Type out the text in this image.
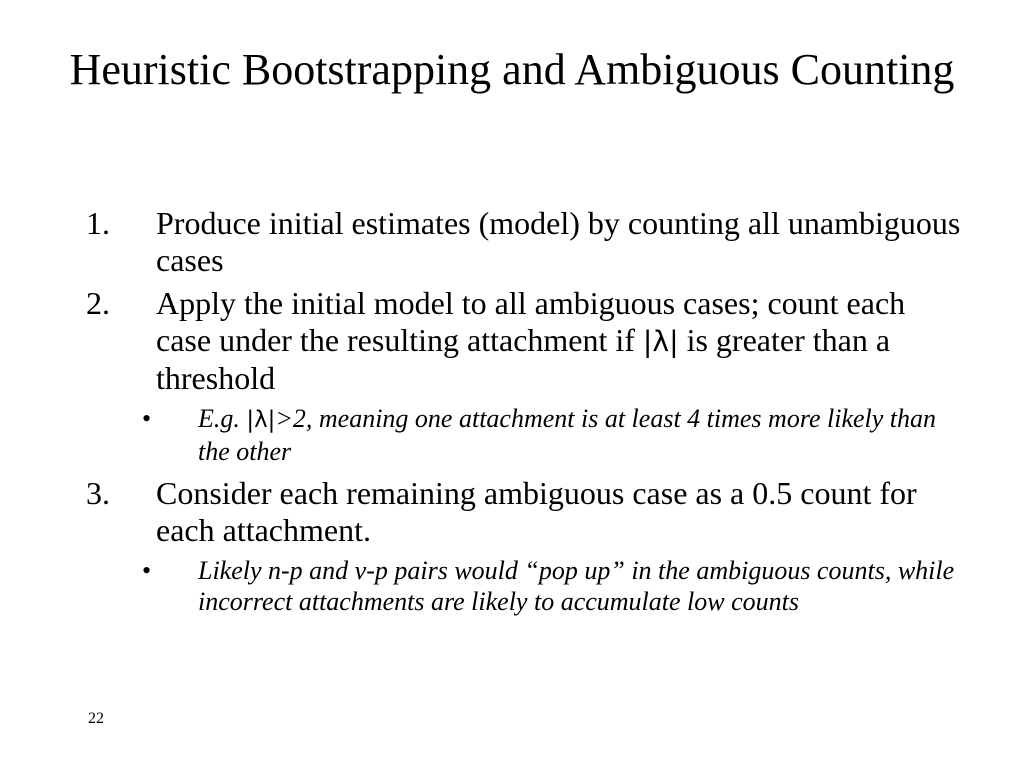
Heuristic Bootstrapping and Ambiguous Counting
1. Produce initial estimates (model) by counting all unambiguous cases
2. Apply the initial model to all ambiguous cases; count each case under the resulting attachment if |λ| is greater than a threshold
• E.g. |λ|>2, meaning one attachment is at least 4 times more likely than the other
3. Consider each remaining ambiguous case as a 0.5 count for each attachment.
• Likely n-p and v-p pairs would “pop up” in the ambiguous counts, while incorrect attachments are likely to accumulate low counts
22
